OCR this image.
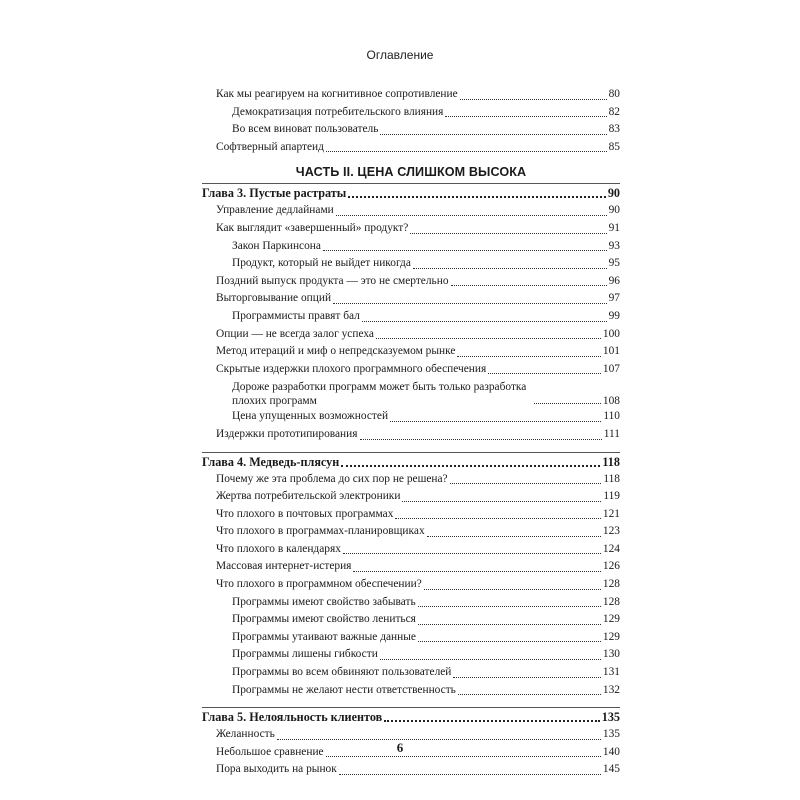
Оглавление
Как мы реагируем на когнитивное сопротивление	80
Демократизация потребительского влияния	82
Во всем виноват пользователь	83
Софтверный апартеид	85
ЧАСТЬ II. ЦЕНА СЛИШКОМ ВЫСОКА
Глава 3. Пустые растраты	90
Управление дедлайнами	90
Как выглядит «завершенный» продукт?	91
Закон Паркинсона	93
Продукт, который не выйдет никогда	95
Поздний выпуск продукта — это не смертельно	96
Выторговывание опций	97
Программисты правят бал	99
Опции — не всегда залог успеха	100
Метод итераций и миф о непредсказуемом рынке	101
Скрытые издержки плохого программного обеспечения	107
Дороже разработки программ может быть только разработка плохих программ	108
Цена упущенных возможностей	110
Издержки прототипирования	111
Глава 4. Медведь-плясун	118
Почему же эта проблема до сих пор не решена?	118
Жертва потребительской электроники	119
Что плохого в почтовых программах	121
Что плохого в программах-планировщиках	123
Что плохого в календарях	124
Массовая интернет-истерия	126
Что плохого в программном обеспечении?	128
Программы имеют свойство забывать	128
Программы имеют свойство лениться	129
Программы утаивают важные данные	129
Программы лишены гибкости	130
Программы во всем обвиняют пользователей	131
Программы не желают нести ответственность	132
Глава 5. Нелояльность клиентов	135
Желанность	135
Небольшое сравнение	140
Пора выходить на рынок	145
6
